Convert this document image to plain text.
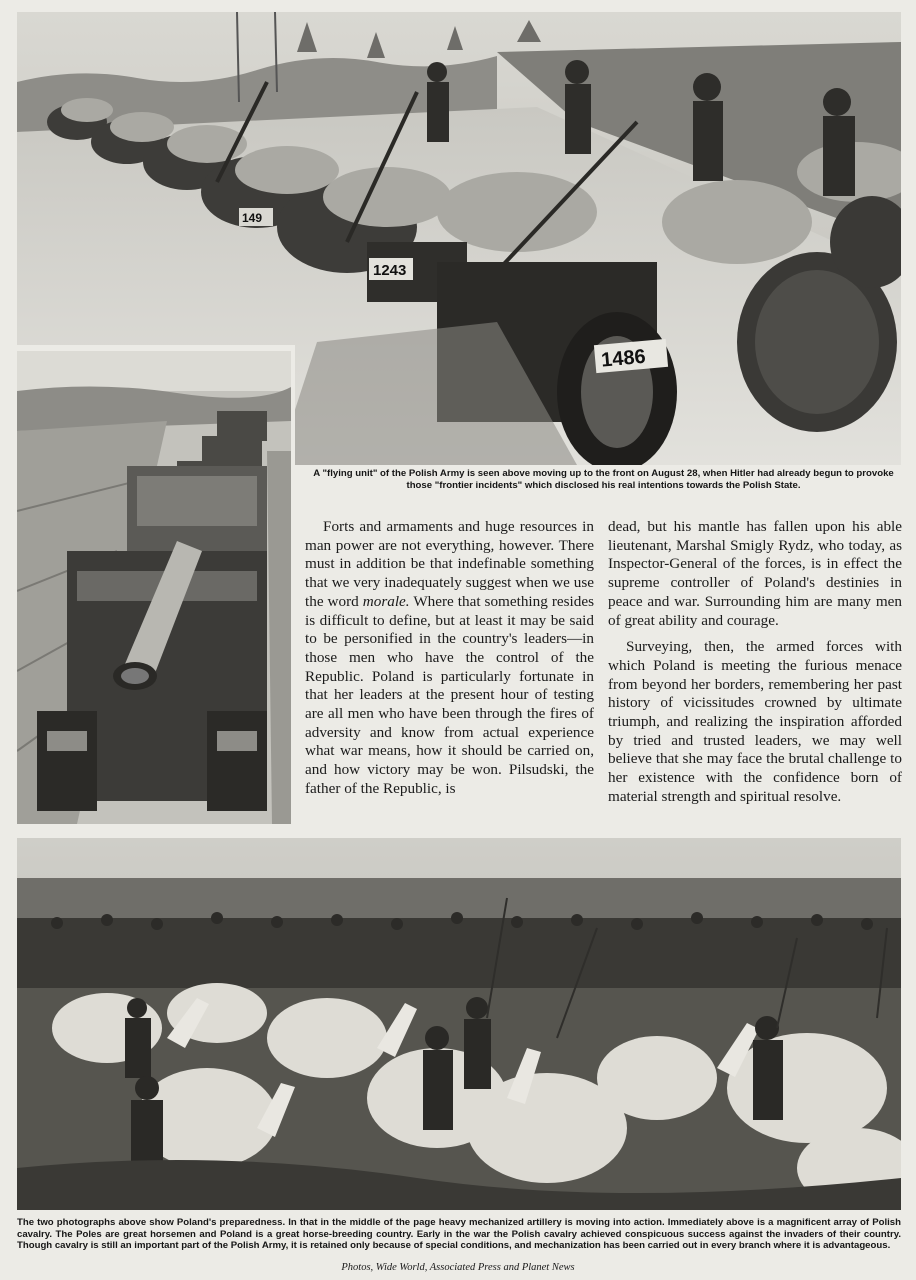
1486
1243
149
A "flying unit" of the Polish Army is seen above moving up to the front on August 28, when Hitler had already begun to provoke those "frontier incidents" which disclosed his real intentions towards the Polish State.

Forts and armaments and huge resources in man power are not everything, however. There must in addition be that indefinable something that we very inadequately suggest when we use the word morale. Where that something resides is difficult to define, but at least it may be said to be personified in the country's leaders—in those men who have the control of the Republic. Poland is particularly fortunate in that her leaders at the present hour of testing are all men who have been through the fires of adversity and know from actual experience what war means, how it should be carried on, and how victory may be won. Pilsudski, the father of the Republic, is

dead, but his mantle has fallen upon his able lieutenant, Marshal Smigly Rydz, who today, as Inspector-General of the forces, is in effect the supreme controller of Poland's destinies in peace and war. Surrounding him are many men of great ability and courage.

Surveying, then, the armed forces with which Poland is meeting the furious menace from beyond her borders, remembering her past history of vicissitudes crowned by ultimate triumph, and realizing the inspiration afforded by tried and trusted leaders, we may well believe that she may face the brutal challenge to her existence with the confidence born of material strength and spiritual resolve.

The two photographs above show Poland's preparedness. In that in the middle of the page heavy mechanized artillery is moving into action. Immediately above is a magnificent array of Polish cavalry. The Poles are great horsemen and Poland is a great horse-breeding country. Early in the war the Polish cavalry achieved conspicuous success against the invaders of their country. Though cavalry is still an important part of the Polish Army, it is retained only because of special conditions, and mechanization has been carried out in every branch where it is advantageous.
Photos, Wide World, Associated Press and Planet News
